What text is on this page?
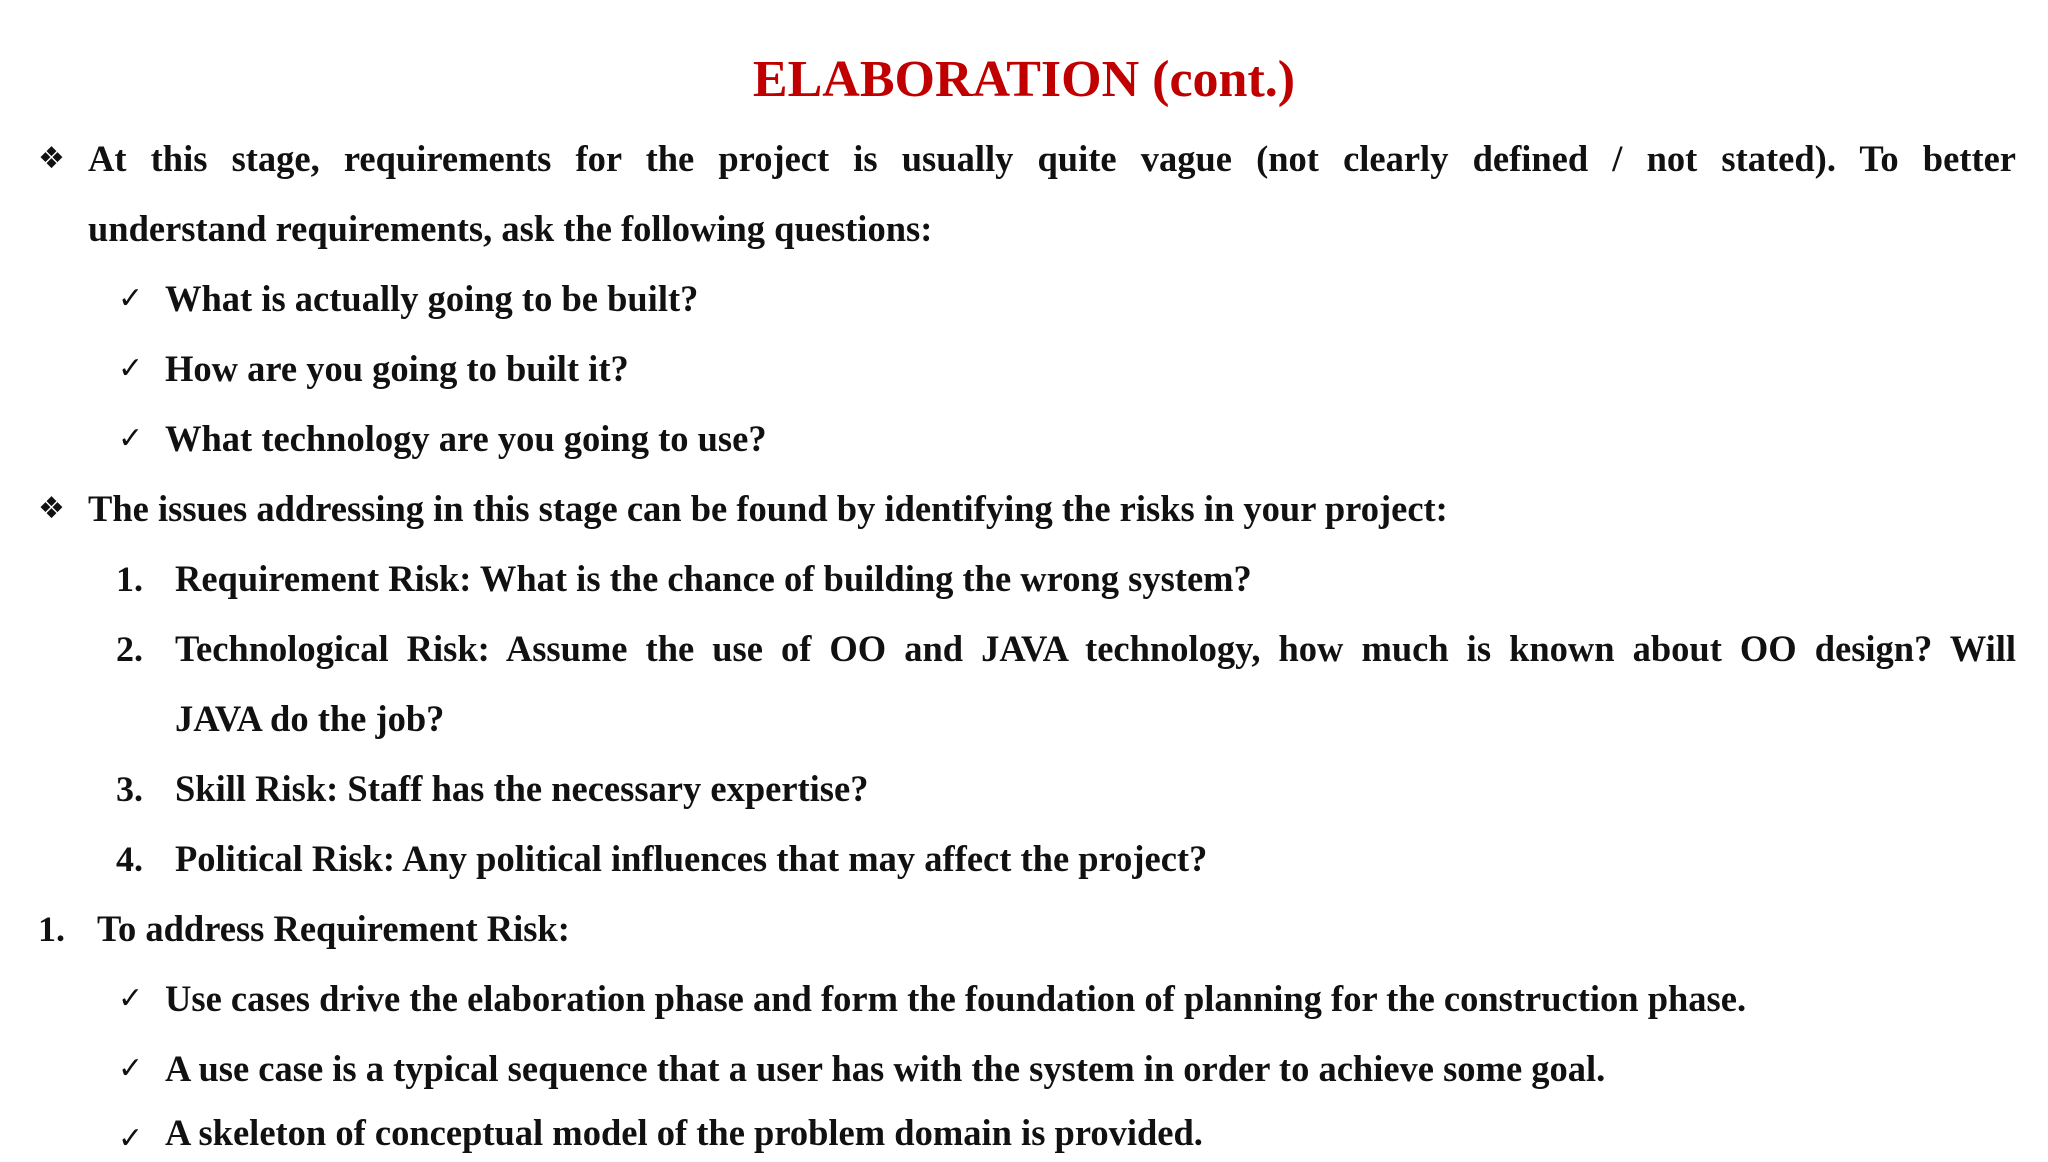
ELABORATION (cont.)
❖ At this stage, requirements for the project is usually quite vague (not clearly defined / not stated). To better
understand requirements, ask the following questions:
✓ What is actually going to be built?
✓ How are you going to built it?
✓ What technology are you going to use?
❖ The issues addressing in this stage can be found by identifying the risks in your project:
1. Requirement Risk: What is the chance of building the wrong system?
2. Technological Risk: Assume the use of OO and JAVA technology, how much is known about OO design? Will
JAVA do the job?
3. Skill Risk: Staff has the necessary expertise?
4. Political Risk: Any political influences that may affect the project?
1. To address Requirement Risk:
✓ Use cases drive the elaboration phase and form the foundation of planning for the construction phase.
✓ A use case is a typical sequence that a user has with the system in order to achieve some goal.
✓ A skeleton of conceptual model of the problem domain is provided.
